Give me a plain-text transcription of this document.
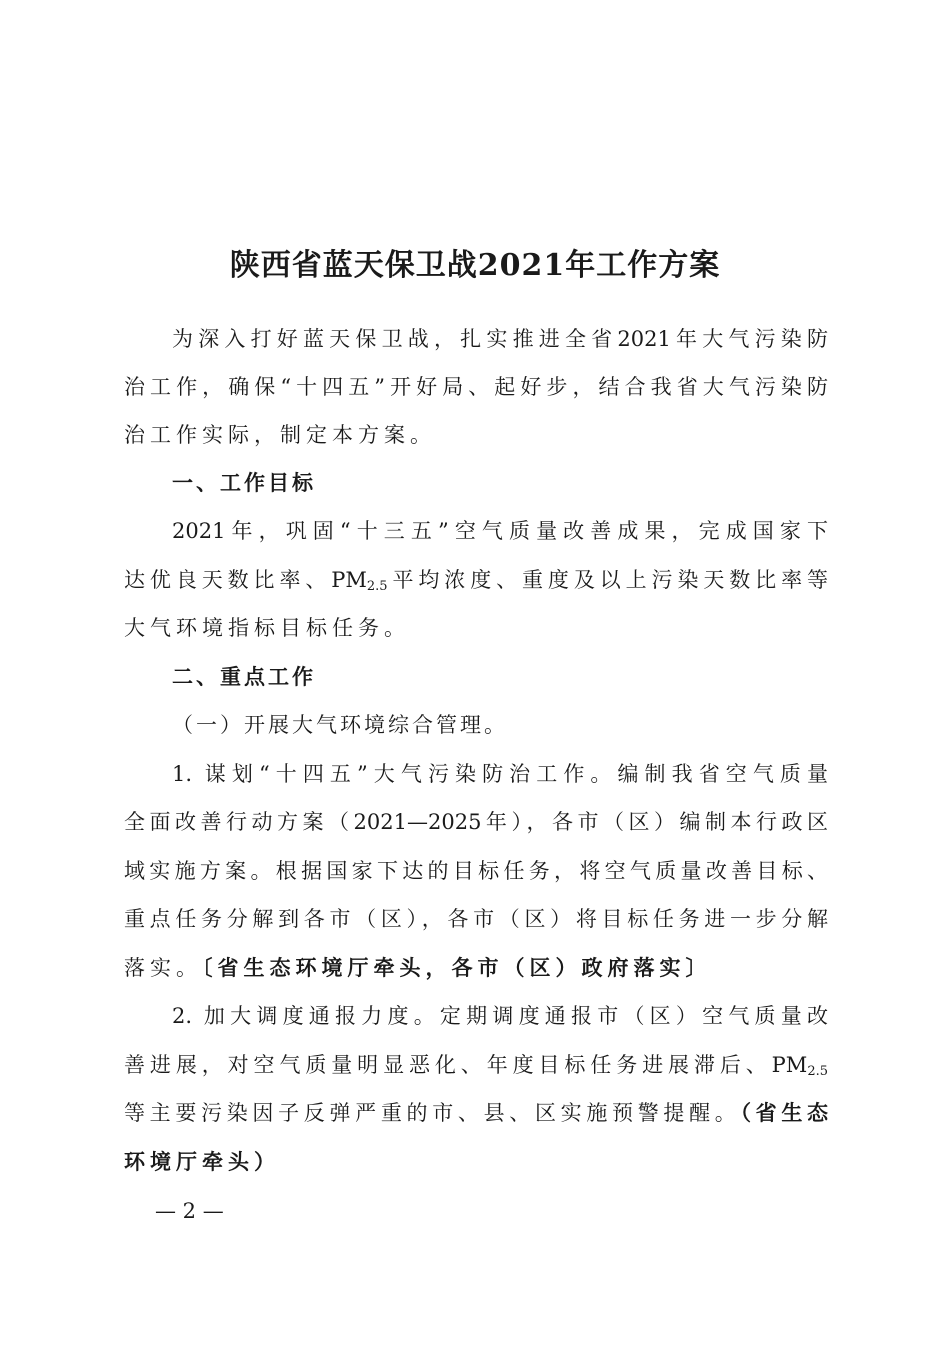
陕西省蓝天保卫战2021年工作方案
为深入打好蓝天保卫战，扎实推进全省2021年大气污染防
治工作，确保“十四五”开好局、起好步，结合我省大气污染防
治工作实际，制定本方案。
一、工作目标
2021年，巩固“十三五”空气质量改善成果，完成国家下
达优良天数比率、$PM_{2.5}$平均浓度、重度及以上污染天数比率等
大气环境指标目标任务。
二、重点工作
（一）开展大气环境综合管理。
1. 谋划“十四五”大气污染防治工作。编制我省空气质量
全面改善行动方案（2021—2025年），各市（区）编制本行政区
域实施方案。根据国家下达的目标任务，将空气质量改善目标、
重点任务分解到各市（区），各市（区）将目标任务进一步分解
落实。〔省生态环境厅牵头，各市（区）政府落实〕
2. 加大调度通报力度。定期调度通报市（区）空气质量改
善进展，对空气质量明显恶化、年度目标任务进展滞后、$PM_{2.5}$
等主要污染因子反弹严重的市、县、区实施预警提醒。（省生态
环境厅牵头）
— 2 —
